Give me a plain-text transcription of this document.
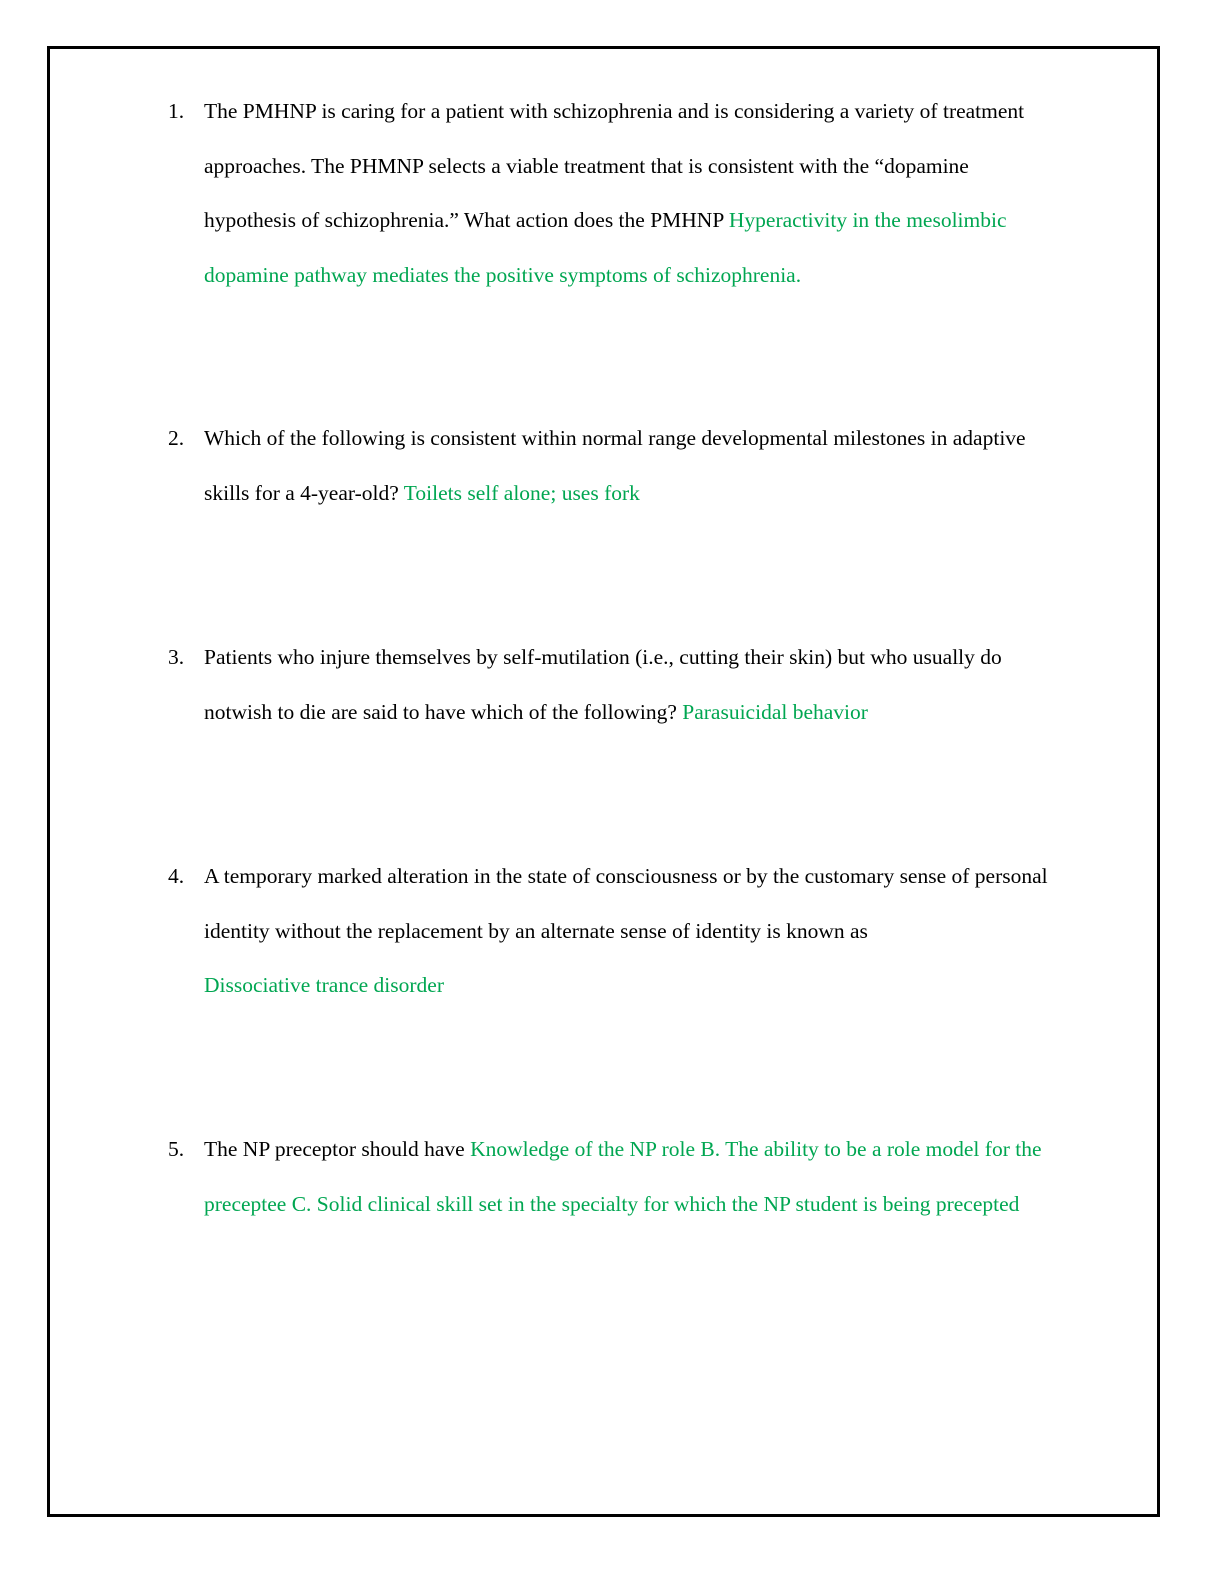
1. The PMHNP is caring for a patient with schizophrenia and is considering a variety of treatment approaches. The PHMNP selects a viable treatment that is consistent with the “dopamine hypothesis of schizophrenia.” What action does the PMHNP Hyperactivity in the mesolimbic dopamine pathway mediates the positive symptoms of schizophrenia.
2. Which of the following is consistent within normal range developmental milestones in adaptive skills for a 4-year-old? Toilets self alone; uses fork
3. Patients who injure themselves by self-mutilation (i.e., cutting their skin) but who usually do notwish to die are said to have which of the following? Parasuicidal behavior
4. A temporary marked alteration in the state of consciousness or by the customary sense of personal identity without the replacement by an alternate sense of identity is known as
Dissociative trance disorder
5. The NP preceptor should have Knowledge of the NP role B. The ability to be a role model for the preceptee C. Solid clinical skill set in the specialty for which the NP student is being precepted
